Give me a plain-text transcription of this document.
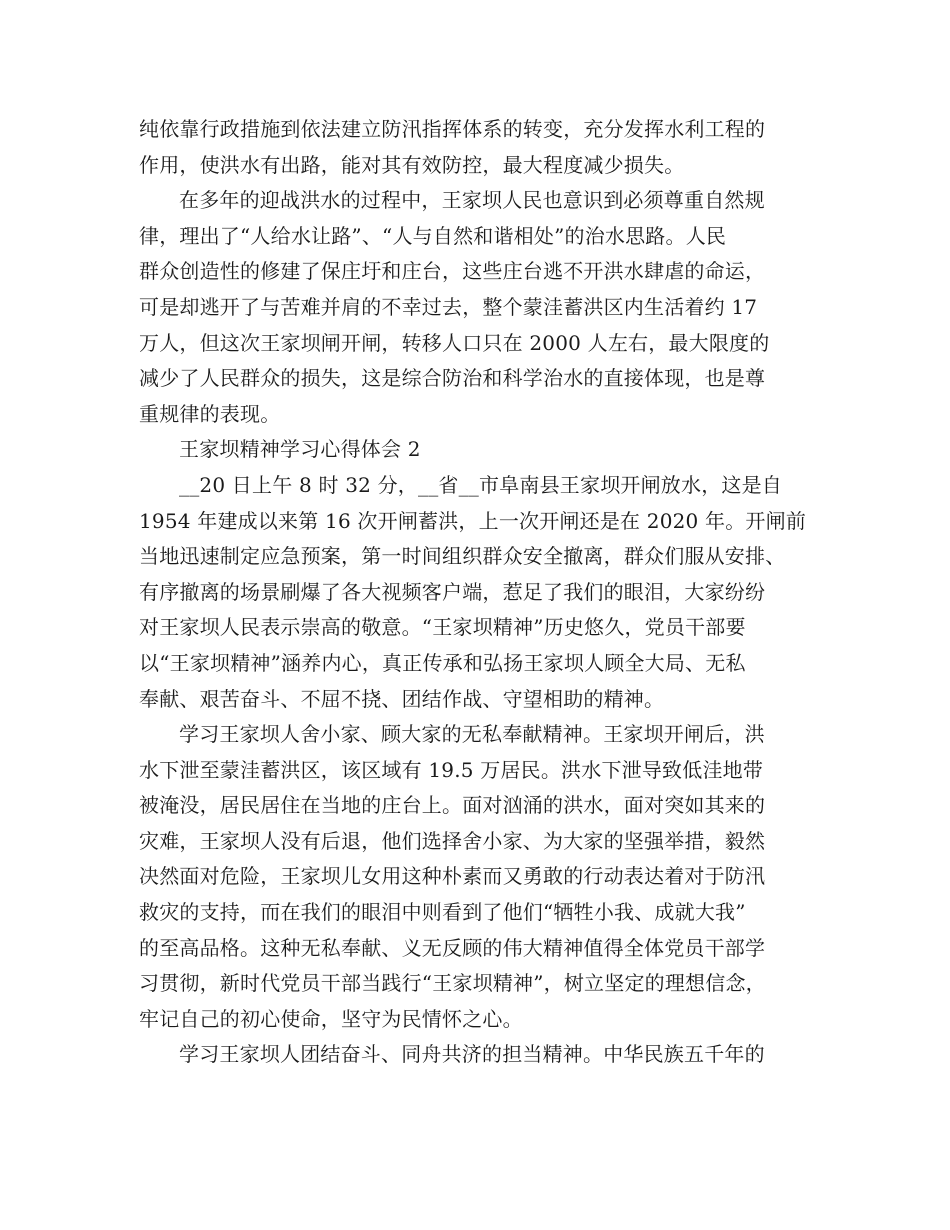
纯依靠行政措施到依法建立防汛指挥体系的转变，充分发挥水利工程的
作用，使洪水有出路，能对其有效防控，最大程度减少损失。
在多年的迎战洪水的过程中，王家坝人民也意识到必须尊重自然规
律，理出了“人给水让路”、“人与自然和谐相处”的治水思路。人民
群众创造性的修建了保庄圩和庄台，这些庄台逃不开洪水肆虐的命运，
可是却逃开了与苦难并肩的不幸过去，整个蒙洼蓄洪区内生活着约 17
万人，但这次王家坝闸开闸，转移人口只在 2000 人左右，最大限度的
减少了人民群众的损失，这是综合防治和科学治水的直接体现，也是尊
重规律的表现。
王家坝精神学习心得体会 2
__20 日上午 8 时 32 分，__省__市阜南县王家坝开闸放水，这是自
1954 年建成以来第 16 次开闸蓄洪，上一次开闸还是在 2020 年。开闸前
当地迅速制定应急预案，第一时间组织群众安全撤离，群众们服从安排、
有序撤离的场景刷爆了各大视频客户端，惹足了我们的眼泪，大家纷纷
对王家坝人民表示崇高的敬意。“王家坝精神”历史悠久，党员干部要
以“王家坝精神”涵养内心，真正传承和弘扬王家坝人顾全大局、无私
奉献、艰苦奋斗、不屈不挠、团结作战、守望相助的精神。
学习王家坝人舍小家、顾大家的无私奉献精神。王家坝开闸后，洪
水下泄至蒙洼蓄洪区，该区域有 19.5 万居民。洪水下泄导致低洼地带
被淹没，居民居住在当地的庄台上。面对汹涌的洪水，面对突如其来的
灾难，王家坝人没有后退，他们选择舍小家、为大家的坚强举措，毅然
决然面对危险，王家坝儿女用这种朴素而又勇敢的行动表达着对于防汛
救灾的支持，而在我们的眼泪中则看到了他们“牺牲小我、成就大我”
的至高品格。这种无私奉献、义无反顾的伟大精神值得全体党员干部学
习贯彻，新时代党员干部当践行“王家坝精神”，树立坚定的理想信念，
牢记自己的初心使命，坚守为民情怀之心。
学习王家坝人团结奋斗、同舟共济的担当精神。中华民族五千年的
